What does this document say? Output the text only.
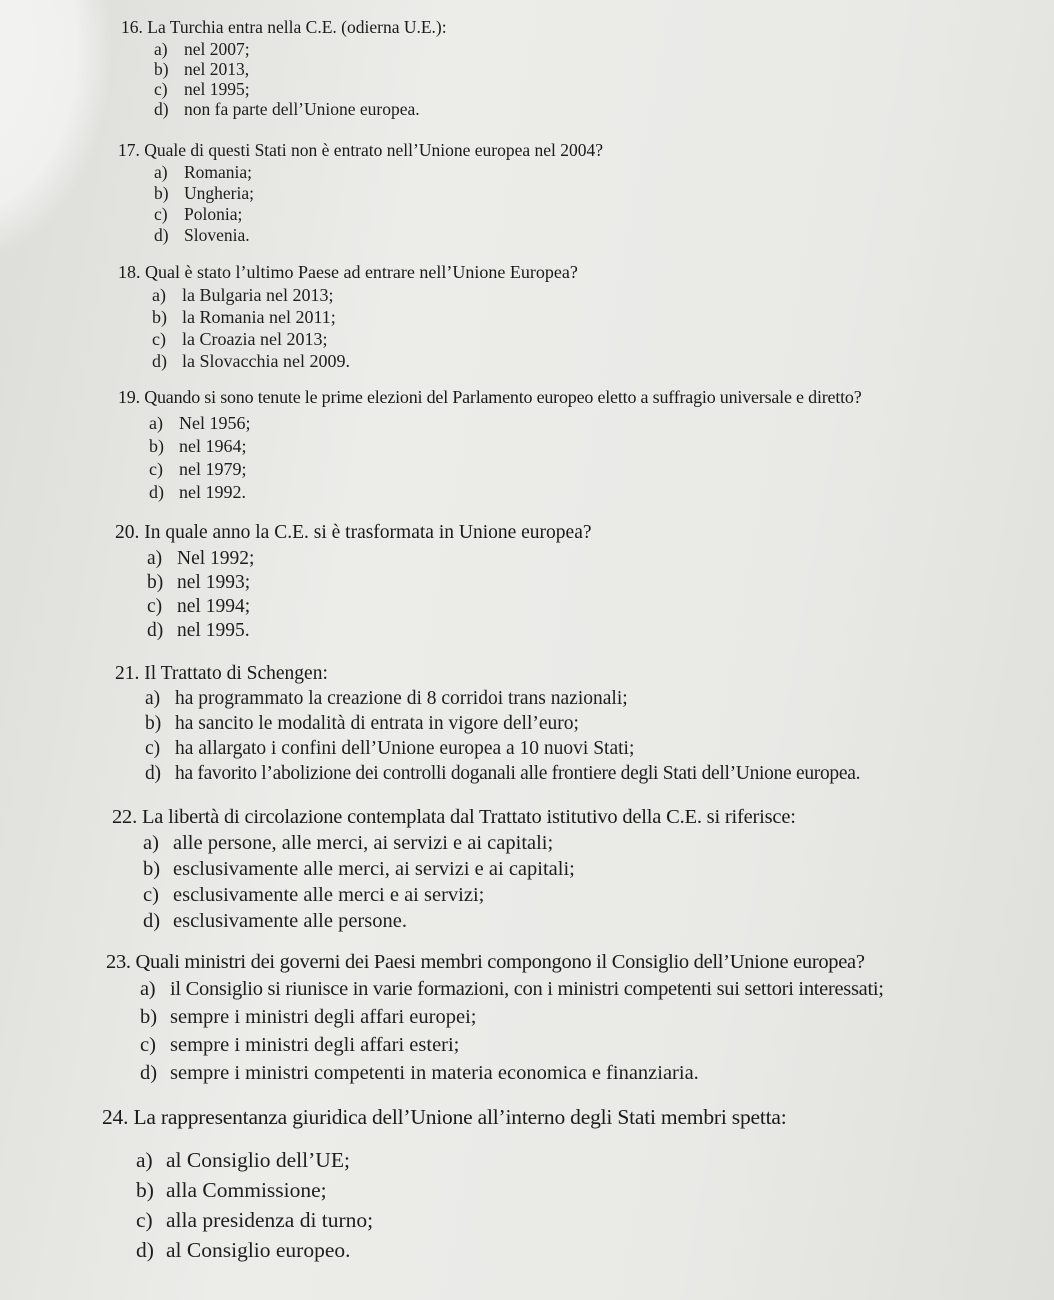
16. La Turchia entra nella C.E. (odierna U.E.):
a) nel 2007;
b) nel 2013,
c) nel 1995;
d) non fa parte dell’Unione europea.
17. Quale di questi Stati non è entrato nell’Unione europea nel 2004?
a) Romania;
b) Ungheria;
c) Polonia;
d) Slovenia.
18. Qual è stato l’ultimo Paese ad entrare nell’Unione Europea?
a) la Bulgaria nel 2013;
b) la Romania nel 2011;
c) la Croazia nel 2013;
d) la Slovacchia nel 2009.
19. Quando si sono tenute le prime elezioni del Parlamento europeo eletto a suffragio universale e diretto?
a) Nel 1956;
b) nel 1964;
c) nel 1979;
d) nel 1992.
20. In quale anno la C.E. si è trasformata in Unione europea?
a) Nel 1992;
b) nel 1993;
c) nel 1994;
d) nel 1995.
21. Il Trattato di Schengen:
a) ha programmato la creazione di 8 corridoi trans nazionali;
b) ha sancito le modalità di entrata in vigore dell’euro;
c) ha allargato i confini dell’Unione europea a 10 nuovi Stati;
d) ha favorito l’abolizione dei controlli doganali alle frontiere degli Stati dell’Unione europea.
22. La libertà di circolazione contemplata dal Trattato istitutivo della C.E. si riferisce:
a) alle persone, alle merci, ai servizi e ai capitali;
b) esclusivamente alle merci, ai servizi e ai capitali;
c) esclusivamente alle merci e ai servizi;
d) esclusivamente alle persone.
23. Quali ministri dei governi dei Paesi membri compongono il Consiglio dell’Unione europea?
a) il Consiglio si riunisce in varie formazioni, con i ministri competenti sui settori interessati;
b) sempre i ministri degli affari europei;
c) sempre i ministri degli affari esteri;
d) sempre i ministri competenti in materia economica e finanziaria.
24. La rappresentanza giuridica dell’Unione all’interno degli Stati membri spetta:
a) al Consiglio dell’UE;
b) alla Commissione;
c) alla presidenza di turno;
d) al Consiglio europeo.
